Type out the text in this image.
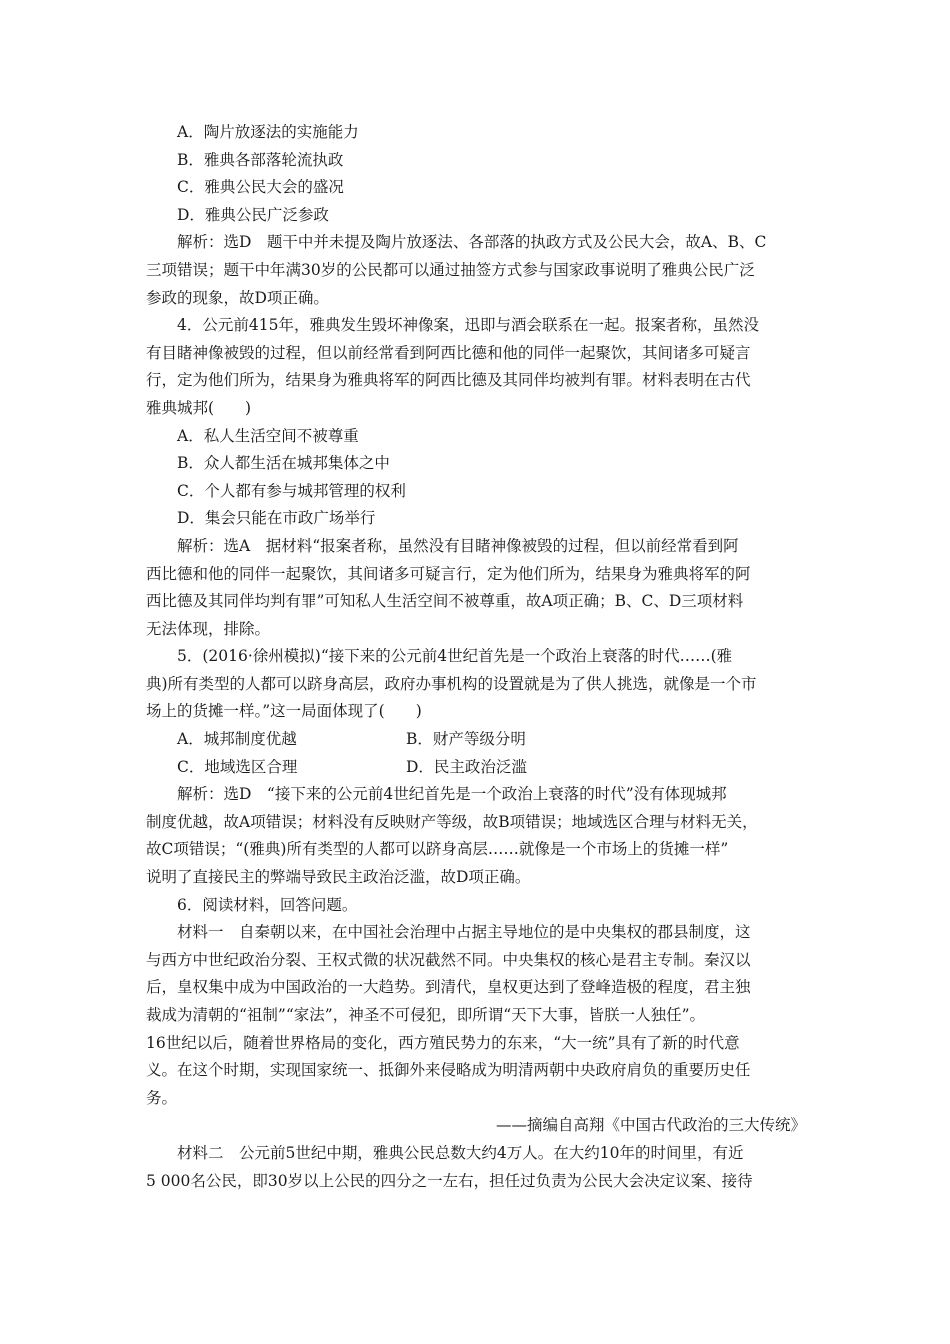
A．陶片放逐法的实施能力
B．雅典各部落轮流执政
C．雅典公民大会的盛况
D．雅典公民广泛参政
解析：选D　题干中并未提及陶片放逐法、各部落的执政方式及公民大会，故A、B、C
三项错误；题干中年满30岁的公民都可以通过抽签方式参与国家政事说明了雅典公民广泛
参政的现象，故D项正确。
4．公元前415年，雅典发生毁坏神像案，迅即与酒会联系在一起。报案者称，虽然没
有目睹神像被毁的过程，但以前经常看到阿西比德和他的同伴一起聚饮，其间诸多可疑言
行，定为他们所为，结果身为雅典将军的阿西比德及其同伴均被判有罪。材料表明在古代
雅典城邦(　　)
A．私人生活空间不被尊重
B．众人都生活在城邦集体之中
C．个人都有参与城邦管理的权利
D．集会只能在市政广场举行
解析：选A　据材料“报案者称，虽然没有目睹神像被毁的过程，但以前经常看到阿
西比德和他的同伴一起聚饮，其间诸多可疑言行，定为他们所为，结果身为雅典将军的阿
西比德及其同伴均判有罪”可知私人生活空间不被尊重，故A项正确；B、C、D三项材料
无法体现，排除。
5．(2016·徐州模拟)“接下来的公元前4世纪首先是一个政治上衰落的时代……(雅
典)所有类型的人都可以跻身高层，政府办事机构的设置就是为了供人挑选，就像是一个市
场上的货摊一样。”这一局面体现了(　　)
A．城邦制度优越	B．财产等级分明
C．地域选区合理	D．民主政治泛滥
解析：选D　“接下来的公元前4世纪首先是一个政治上衰落的时代”没有体现城邦
制度优越，故A项错误；材料没有反映财产等级，故B项错误；地域选区合理与材料无关，
故C项错误；“(雅典)所有类型的人都可以跻身高层……就像是一个市场上的货摊一样”
说明了直接民主的弊端导致民主政治泛滥，故D项正确。
6．阅读材料，回答问题。
材料一　自秦朝以来，在中国社会治理中占据主导地位的是中央集权的郡县制度，这
与西方中世纪政治分裂、王权式微的状况截然不同。中央集权的核心是君主专制。秦汉以
后，皇权集中成为中国政治的一大趋势。到清代，皇权更达到了登峰造极的程度，君主独
裁成为清朝的“祖制”“家法”，神圣不可侵犯，即所谓“天下大事，皆朕一人独任”。
16世纪以后，随着世界格局的变化，西方殖民势力的东来，“大一统”具有了新的时代意
义。在这个时期，实现国家统一、抵御外来侵略成为明清两朝中央政府肩负的重要历史任
务。
——摘编自高翔《中国古代政治的三大传统》
材料二　公元前5世纪中期，雅典公民总数大约4万人。在大约10年的时间里，有近
5 000名公民，即30岁以上公民的四分之一左右，担任过负责为公民大会决定议案、接待
